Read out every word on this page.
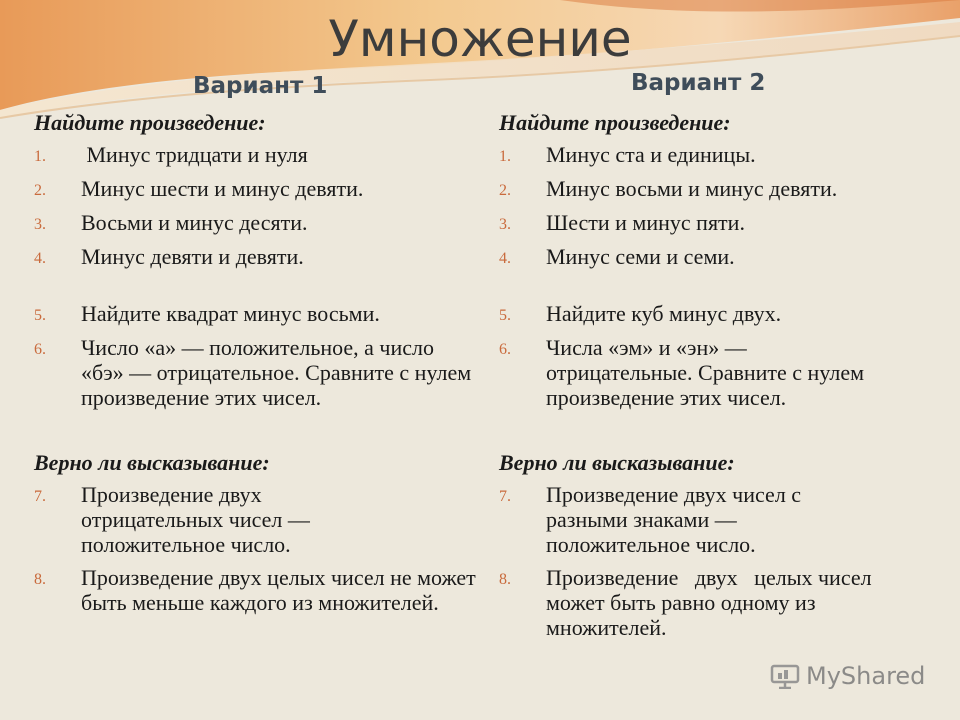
Умножение
Вариант 1	Вариант 2

Найдите произведение:

1.	Минус тридцати и нуля
2.	Минус шести и минус девяти.
3.	Восьми и минус десяти.
4.	Минус девяти и девяти.
5.	Найдите квадрат минус восьми.
6.	Число «а» — положительное, а число «бэ» — отрицательное. Сравните с нулем произведение этих чисел.

Верно ли высказывание:

7.	Произведение двух отрицательных чисел — положительное число.
8.	Произведение двух целых чисел не может быть меньше каждого из множителей.

Найдите произведение:

1.	Минус ста и единицы.
2.	Минус восьми и минус девяти.
3.	Шести и минус пяти.
4.	Минус семи и семи.
5.	Найдите куб минус двух.
6.	Числа «эм» и «эн» — отрицательные. Сравните с нулем произведение этих чисел.

Верно ли высказывание:

7.	Произведение двух чисел с разными знаками — положительное число.
8.	Произведение   двух   целых чисел   может быть равно одному из множителей.
MyShared
